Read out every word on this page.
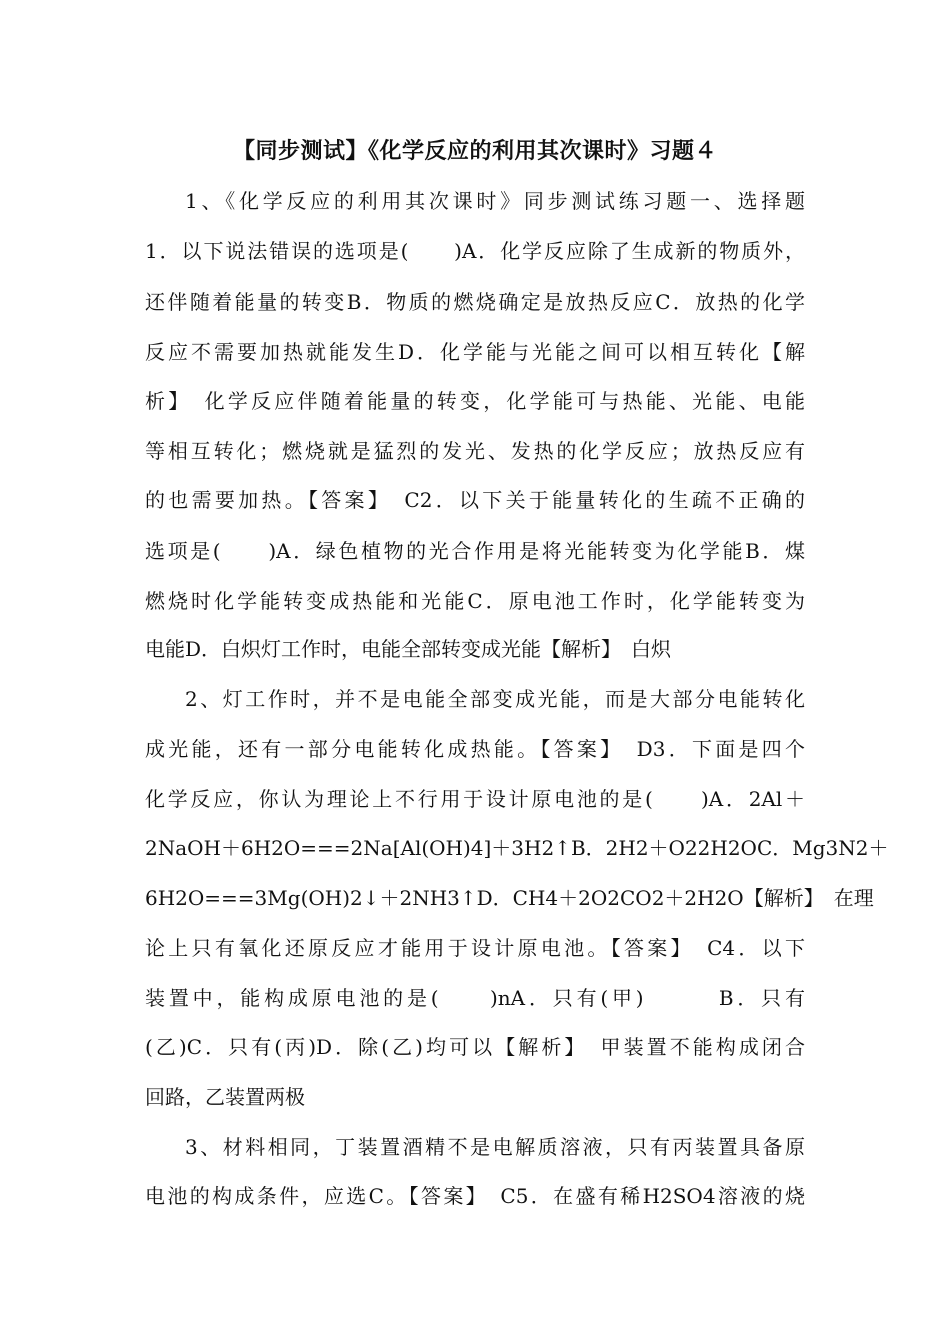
【同步测试】《化学反应的利用其次课时》习题４
1、《化学反应的利用其次课时》同步测试练习题一、选择题
1．以下说法错误的选项是(　　)A．化学反应除了生成新的物质外，
还伴随着能量的转变B．物质的燃烧确定是放热反应C．放热的化学
反应不需要加热就能发生D．化学能与光能之间可以相互转化【解
析】　化学反应伴随着能量的转变，化学能可与热能、光能、电能
等相互转化；燃烧就是猛烈的发光、发热的化学反应；放热反应有
的也需要加热。【答案】　C2．以下关于能量转化的生疏不正确的
选项是(　　)A．绿色植物的光合作用是将光能转变为化学能B．煤
燃烧时化学能转变成热能和光能C．原电池工作时，化学能转变为
电能D．白炽灯工作时，电能全部转变成光能【解析】　白炽
2、灯工作时，并不是电能全部变成光能，而是大部分电能转化
成光能，还有一部分电能转化成热能。【答案】　D3．下面是四个
化学反应，你认为理论上不行用于设计原电池的是(　　)A．2Al＋
2NaOH＋6H2O===2Na[Al(OH)4]＋3H2↑B．2H2＋O22H2OC．Mg3N2＋
6H2O===3Mg(OH)2↓＋2NH3↑D．CH4＋2O2CO2＋2H2O【解析】　在理
论上只有氧化还原反应才能用于设计原电池。【答案】　C4．以下
装置中，能构成原电池的是(　　)nA．只有(甲)　　　B．只有
(乙)C．只有(丙)D．除(乙)均可以【解析】　甲装置不能构成闭合
回路，乙装置两极
3、材料相同，丁装置酒精不是电解质溶液，只有丙装置具备原
电池的构成条件，应选C。【答案】　C5．在盛有稀H2SO4溶液的烧
